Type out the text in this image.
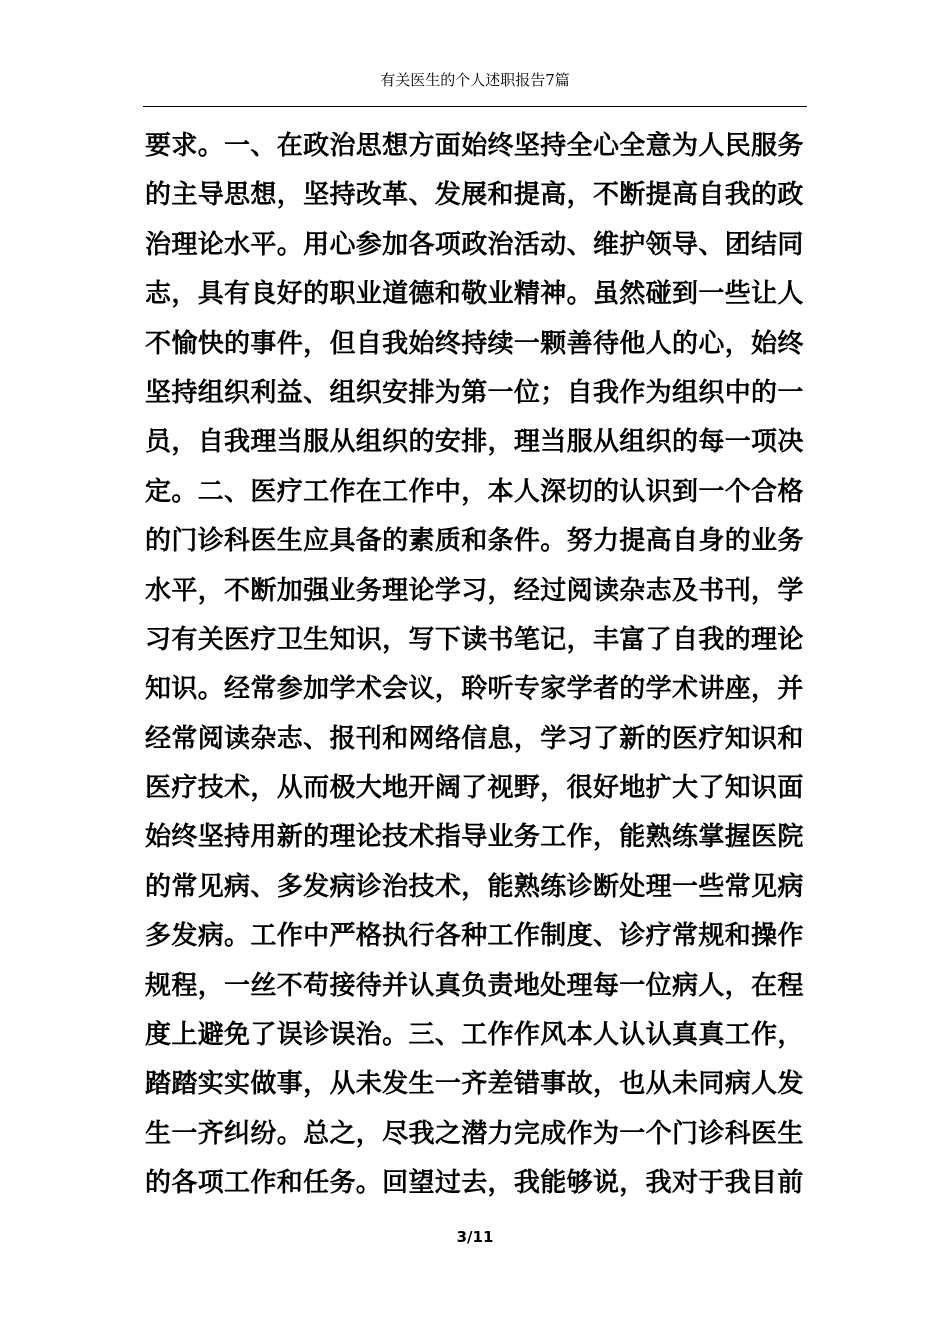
有关医生的个人述职报告7篇
要求。一、在政治思想方面始终坚持全心全意为人民服务
的主导思想，坚持改革、发展和提高，不断提高自我的政
治理论水平。用心参加各项政治活动、维护领导、团结同
志，具有良好的职业道德和敬业精神。虽然碰到一些让人
不愉快的事件，但自我始终持续一颗善待他人的心，始终
坚持组织利益、组织安排为第一位；自我作为组织中的一
员，自我理当服从组织的安排，理当服从组织的每一项决
定。二、医疗工作在工作中，本人深切的认识到一个合格
的门诊科医生应具备的素质和条件。努力提高自身的业务
水平，不断加强业务理论学习，经过阅读杂志及书刊，学
习有关医疗卫生知识，写下读书笔记，丰富了自我的理论
知识。经常参加学术会议，聆听专家学者的学术讲座，并
经常阅读杂志、报刊和网络信息，学习了新的医疗知识和
医疗技术，从而极大地开阔了视野，很好地扩大了知识面
始终坚持用新的理论技术指导业务工作，能熟练掌握医院
的常见病、多发病诊治技术，能熟练诊断处理一些常见病
多发病。工作中严格执行各种工作制度、诊疗常规和操作
规程，一丝不苟接待并认真负责地处理每一位病人，在程
度上避免了误诊误治。三、工作作风本人认认真真工作，
踏踏实实做事，从未发生一齐差错事故，也从未同病人发
生一齐纠纷。总之，尽我之潜力完成作为一个门诊科医生
的各项工作和任务。回望过去，我能够说，我对于我目前
3/11
